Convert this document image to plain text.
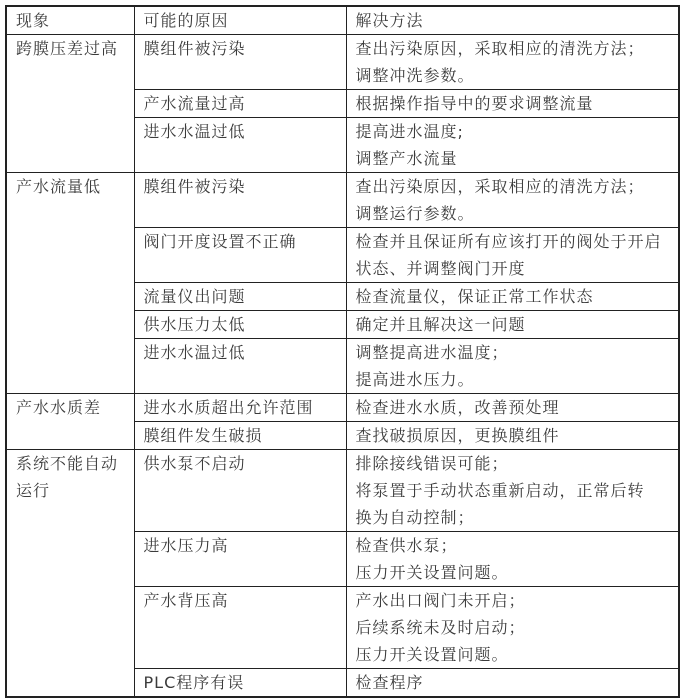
现象	可能的原因	解决方法

跨膜压差过高	膜组件被污染	查出污染原因，采取相应的清洗方法；
调整冲洗参数。

	产水流量过高	根据操作指导中的要求调整流量

	进水水温过低	提高进水温度;
调整产水流量

产水流量低	膜组件被污染	查出污染原因，采取相应的清洗方法；
调整运行参数。

	阀门开度设置不正确	检查并且保证所有应该打开的阀处于开启
状态、并调整阀门开度

	流量仪出问题	检查流量仪，保证正常工作状态

	供水压力太低	确定并且解决这一问题

	进水水温过低	调整提高进水温度；
提高进水压力。

产水水质差	进水水质超出允许范围	检查进水水质，改善预处理

	膜组件发生破损	查找破损原因，更换膜组件

系统不能自动
运行
	供水泵不启动	排除接线错误可能；
将泵置于手动状态重新启动，正常后转
换为自动控制；

	进水压力高	检查供水泵；
压力开关设置问题。

	产水背压高	产水出口阀门未开启；
后续系统未及时启动；
压力开关设置问题。

	PLC程序有误	检查程序
